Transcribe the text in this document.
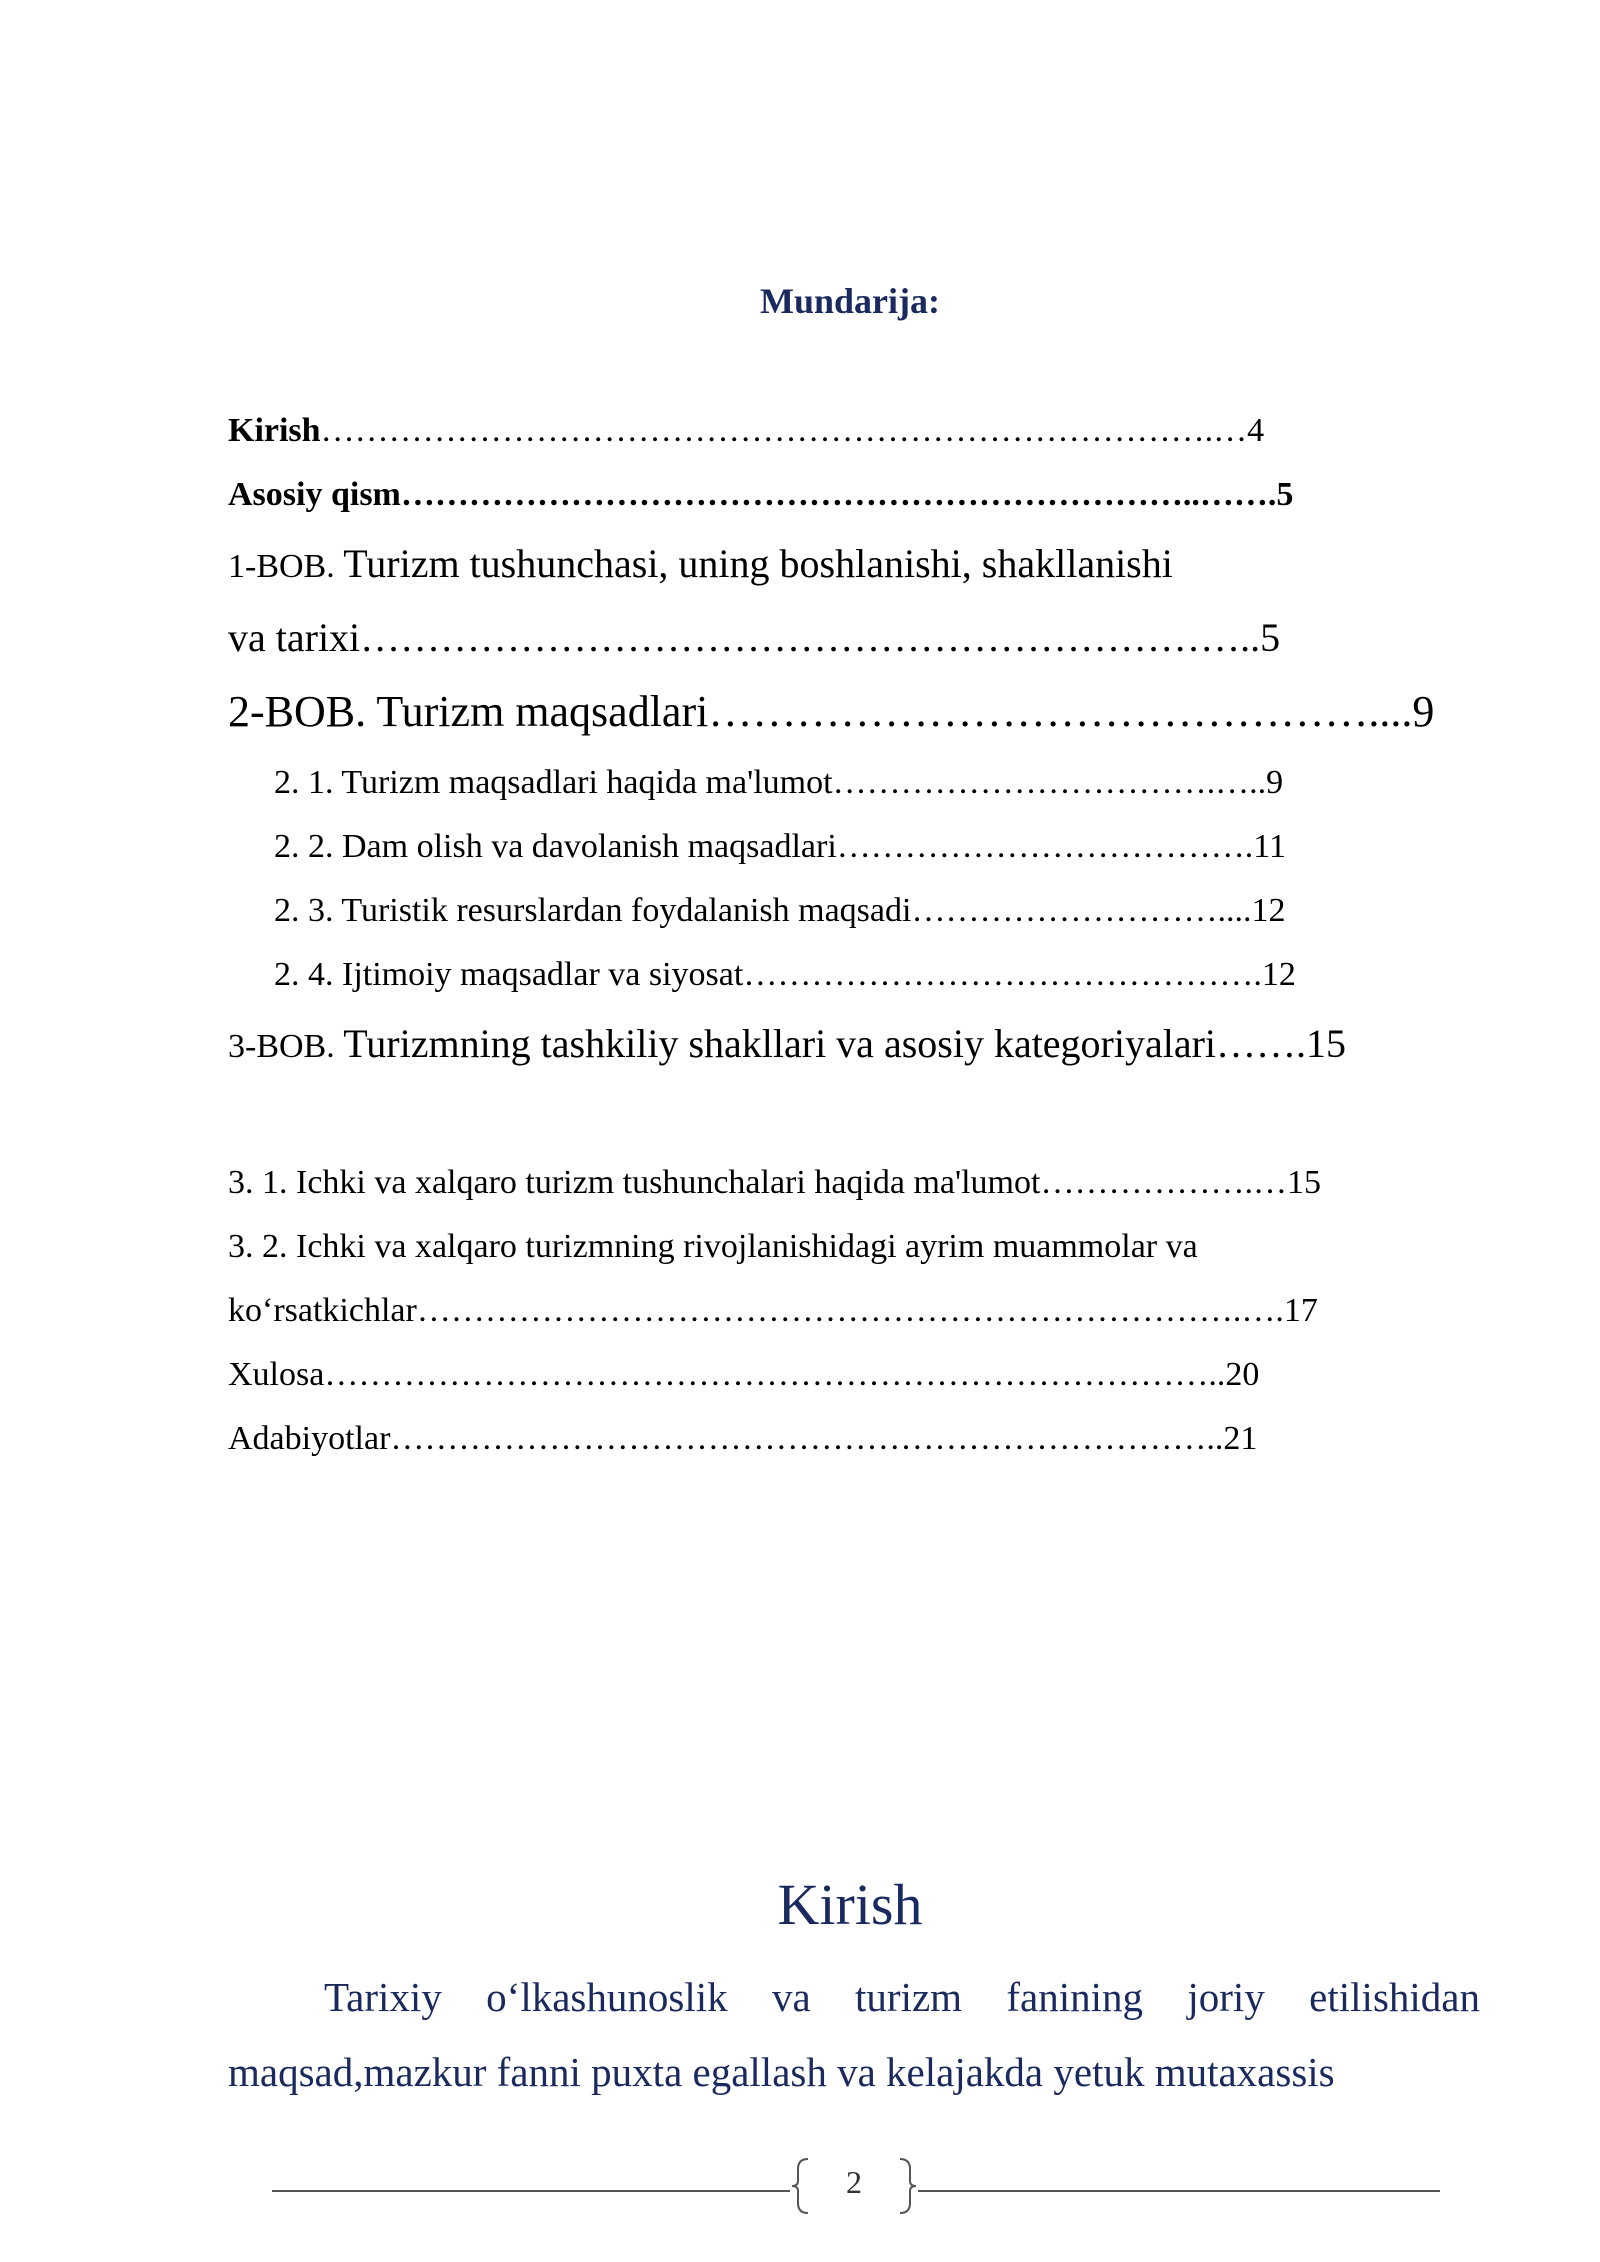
Mundarija:
Kirish…………………………………………………………………….…4
Asosiy qism……………………………………………………………..…….5
1-BOB. Turizm tushunchasi, uning boshlanishi, shakllanishi
va tarixi…………………………………………………………..5
2-BOB. Turizm maqsadlari………………………………………....9
2. 1. Turizm maqsadlari haqida ma'lumot…………………………….…..9
2. 2. Dam olish va davolanish maqsadlari……………………………….11
2. 3. Turistik resurslardan foydalanish maqsadi………………………....12
2. 4. Ijtimoiy maqsadlar va siyosat……………………………………….12
3-BOB. Turizmning tashkiliy shakllari va asosiy kategoriyalari…….15
3. 1. Ichki va xalqaro turizm tushunchalari haqida ma'lumot……………….…15
3. 2. Ichki va xalqaro turizmning rivojlanishidagi ayrim muammolar va
ko‘rsatkichlar……………………………………………………………….….17
Xulosa……………………………………………………………………..20
Adabiyotlar………………………………………………………………..21
Kirish
Tarixiy o‘lkashunoslik va turizm fanining joriy etilishidan maqsad,mazkur fanni puxta egallash va kelajakda yetuk mutaxassis
2
